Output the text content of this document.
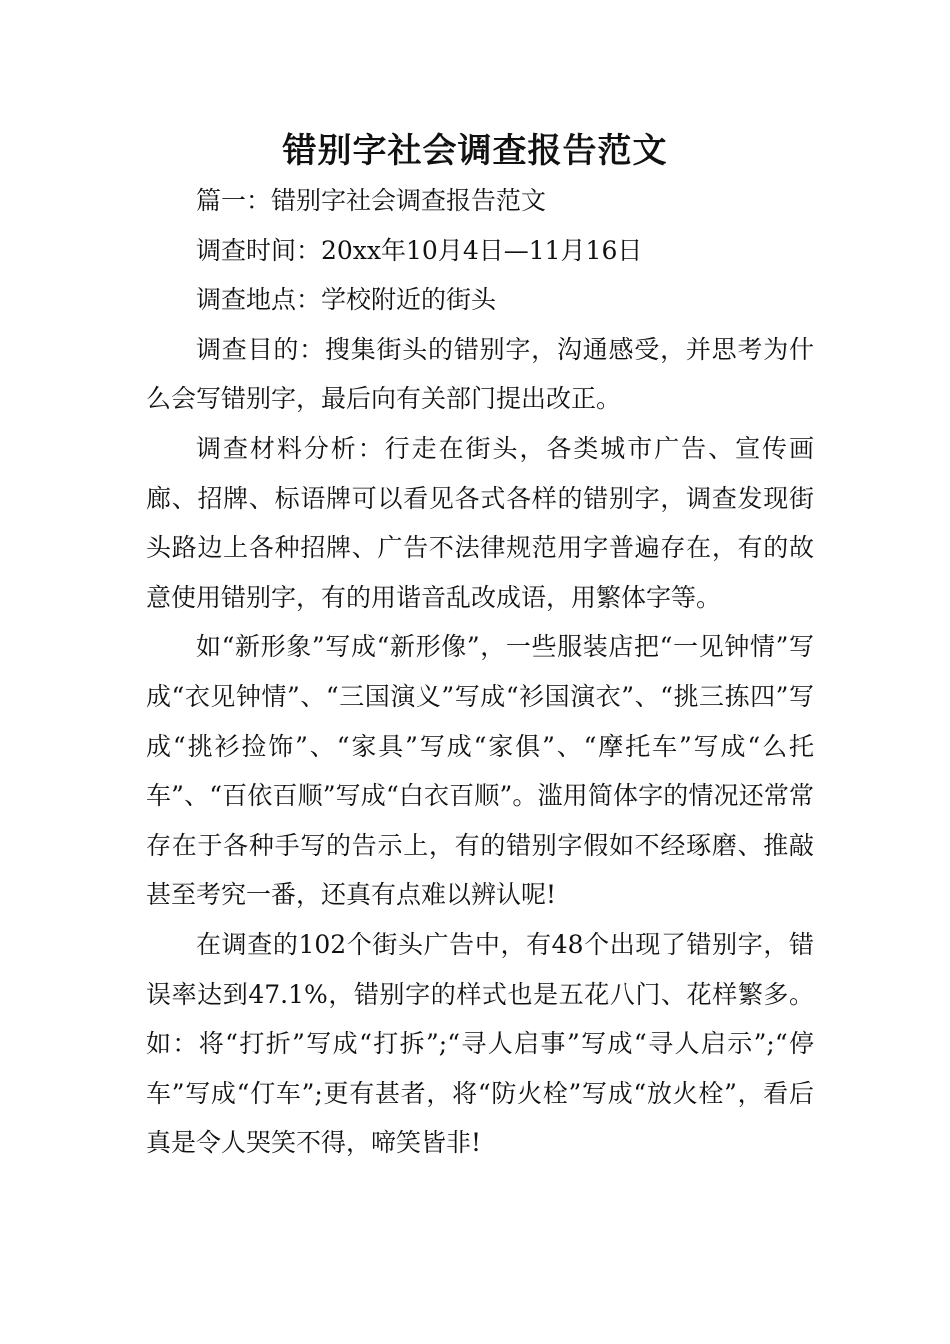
错别字社会调查报告范文

篇一：错别字社会调查报告范文

调查时间：20xx年10月4日—11月16日

调查地点：学校附近的街头

调查目的：搜集街头的错别字，沟通感受，并思考为什么会写错别字，最后向有关部门提出改正。

调查材料分析：行走在街头，各类城市广告、宣传画廊、招牌、标语牌可以看见各式各样的错别字，调查发现街头路边上各种招牌、广告不法律规范用字普遍存在，有的故意使用错别字，有的用谐音乱改成语，用繁体字等。

如“新形象”写成“新形像”，一些服装店把“一见钟情”写成“衣见钟情”、“三国演义”写成“衫国演衣”、“挑三拣四”写成“挑衫捡饰”、“家具”写成“家俱”、“摩托车”写成“么托车”、“百依百顺”写成“白衣百顺”。滥用简体字的情况还常常存在于各种手写的告示上，有的错别字假如不经琢磨、推敲甚至考究一番，还真有点难以辨认呢!

在调查的102个街头广告中，有48个出现了错别字，错误率达到47.1%，错别字的样式也是五花八门、花样繁多。如：将“打折”写成“打拆”;“寻人启事”写成“寻人启示”;“停车”写成“仃车”;更有甚者，将“防火栓”写成“放火栓”，看后真是令人哭笑不得，啼笑皆非!
